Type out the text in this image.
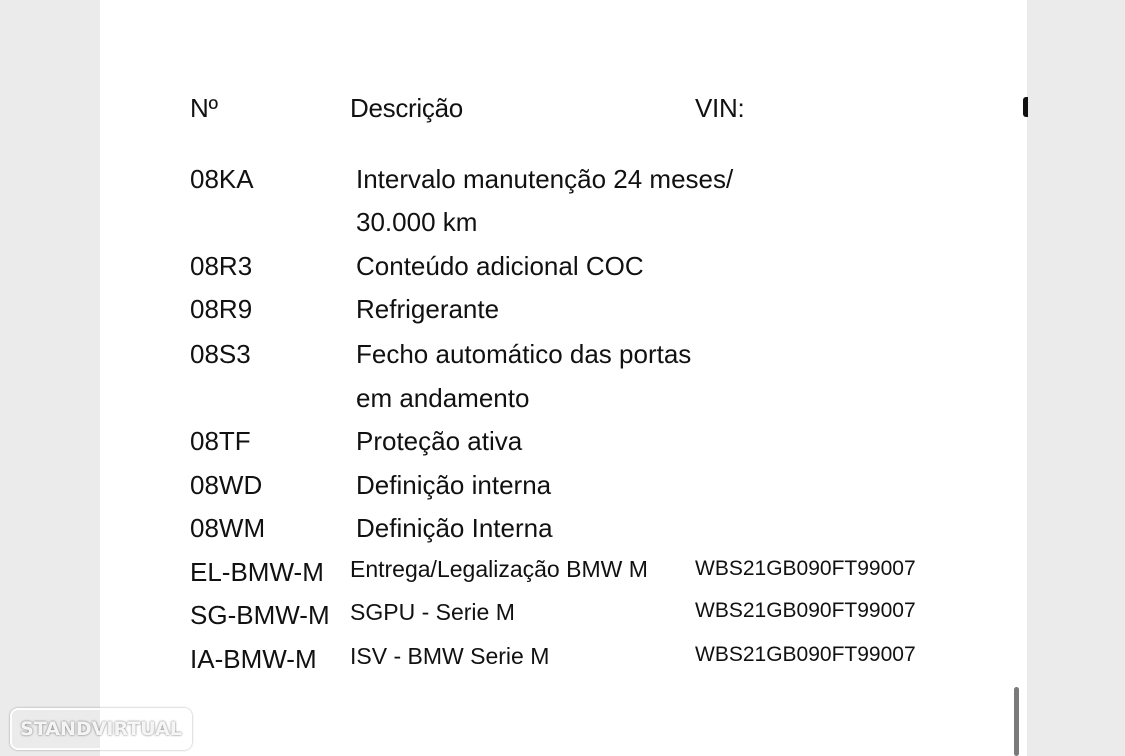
Nº	Descrição	VIN:
08KA	Intervalo manutenção 24 meses/
30.000 km
08R3	Conteúdo adicional COC
08R9	Refrigerante
08S3	Fecho automático das portas
em andamento
08TF	Proteção ativa
08WD	Definição interna
08WM	Definição Interna
EL-BMW-M Entrega/Legalização BMW M WBS21GB090FT99007
SG-BMW-M SGPU - Serie M	WBS21GB090FT99007
IA-BMW-M ISV - BMW Serie M	WBS21GB090FT99007
STANDVIRTUAL
